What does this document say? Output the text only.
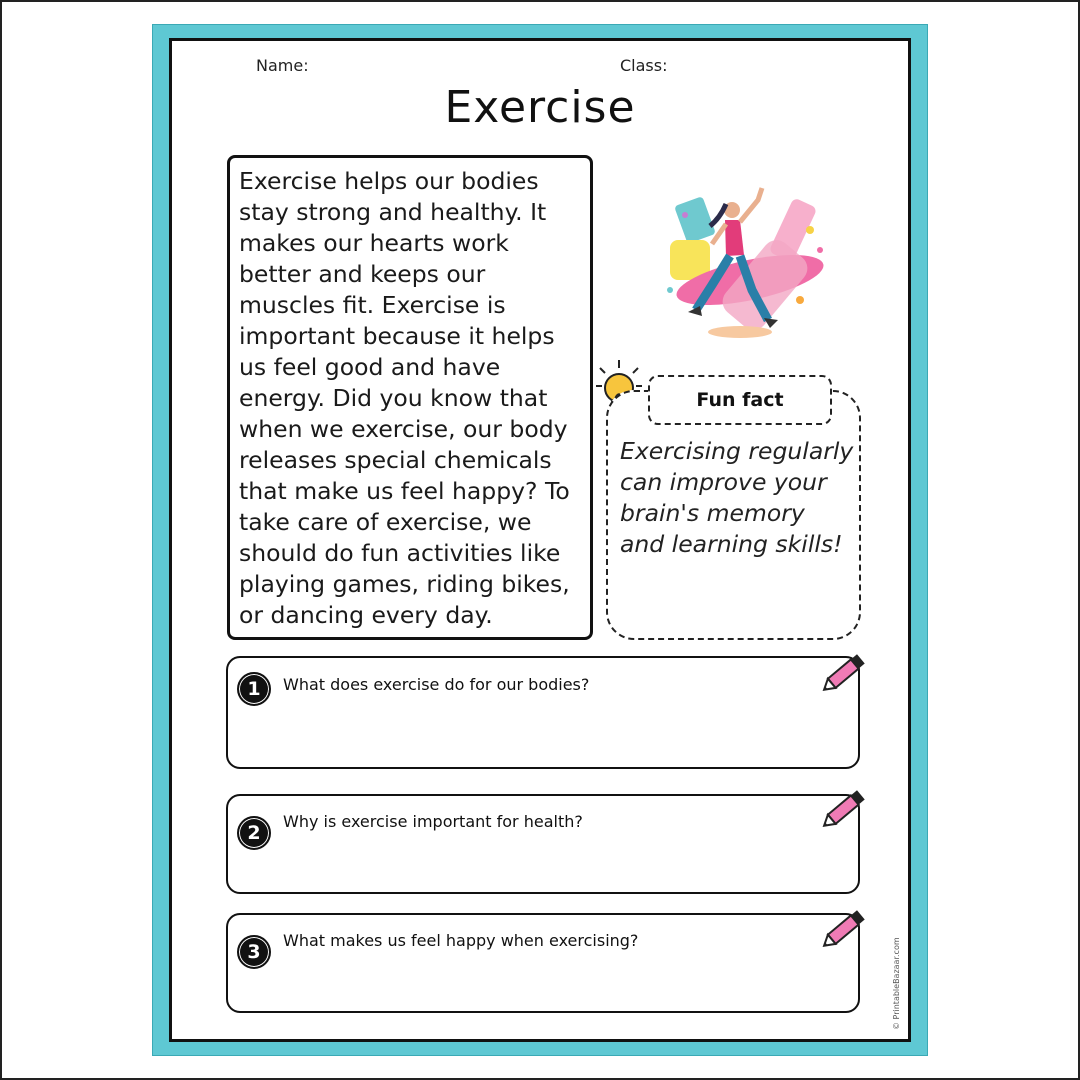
Name:	Class:
Exercise
Exercise helps our bodies stay strong and healthy. It makes our hearts work better and keeps our muscles fit. Exercise is important because it helps us feel good and have energy. Did you know that when we exercise, our body releases special chemicals that make us feel happy? To take care of exercise, we should do fun activities like playing games, riding bikes, or dancing every day.
Fun fact
Exercising regularly can improve your brain's memory and learning skills!
1	What does exercise do for our bodies?
2
Why is exercise important for health?
3
What makes us feel happy when exercising?	© PrintableBazaar.com
